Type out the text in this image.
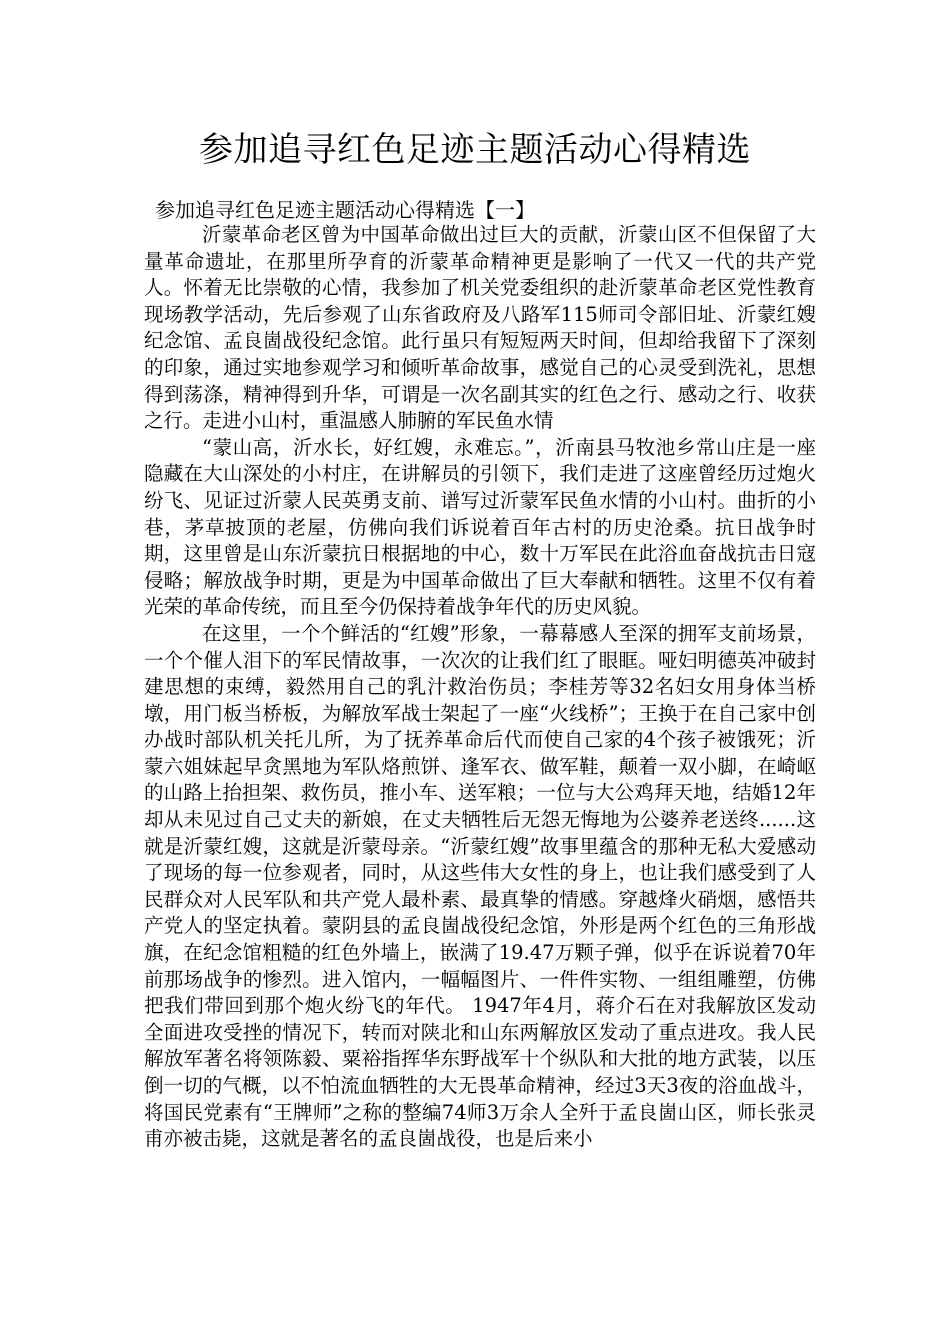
参加追寻红色足迹主题活动心得精选
参加追寻红色足迹主题活动心得精选【一】

沂蒙革命老区曾为中国革命做出过巨大的贡献，沂蒙山区不但保留了大量革命遗址，在那里所孕育的沂蒙革命精神更是影响了一代又一代的共产党人。怀着无比崇敬的心情，我参加了机关党委组织的赴沂蒙革命老区党性教育现场教学活动，先后参观了山东省政府及八路军115师司令部旧址、沂蒙红嫂纪念馆、孟良崮战役纪念馆。此行虽只有短短两天时间，但却给我留下了深刻的印象，通过实地参观学习和倾听革命故事，感觉自己的心灵受到洗礼，思想得到荡涤，精神得到升华，可谓是一次名副其实的红色之行、感动之行、收获之行。走进小山村，重温感人肺腑的军民鱼水情

“蒙山高，沂水长，好红嫂，永难忘。”，沂南县马牧池乡常山庄是一座隐藏在大山深处的小村庄，在讲解员的引领下，我们走进了这座曾经历过炮火纷飞、见证过沂蒙人民英勇支前、谱写过沂蒙军民鱼水情的小山村。曲折的小巷，茅草披顶的老屋，仿佛向我们诉说着百年古村的历史沧桑。抗日战争时期，这里曾是山东沂蒙抗日根据地的中心，数十万军民在此浴血奋战抗击日寇侵略；解放战争时期，更是为中国革命做出了巨大奉献和牺牲。这里不仅有着光荣的革命传统，而且至今仍保持着战争年代的历史风貌。

在这里，一个个鲜活的“红嫂”形象，一幕幕感人至深的拥军支前场景，一个个催人泪下的军民情故事，一次次的让我们红了眼眶。哑妇明德英冲破封建思想的束缚，毅然用自己的乳汁救治伤员；李桂芳等32名妇女用身体当桥墩，用门板当桥板，为解放军战士架起了一座“火线桥”；王换于在自己家中创办战时部队机关托儿所，为了抚养革命后代而使自己家的4个孩子被饿死；沂蒙六姐妹起早贪黑地为军队烙煎饼、逢军衣、做军鞋，颠着一双小脚，在崎岖的山路上抬担架、救伤员，推小车、送军粮；一位与大公鸡拜天地，结婚12年却从未见过自己丈夫的新娘，在丈夫牺牲后无怨无悔地为公婆养老送终......这就是沂蒙红嫂，这就是沂蒙母亲。“沂蒙红嫂”故事里蕴含的那种无私大爱感动了现场的每一位参观者，同时，从这些伟大女性的身上，也让我们感受到了人民群众对人民军队和共产党人最朴素、最真挚的情感。穿越烽火硝烟，感悟共产党人的坚定执着。蒙阴县的孟良崮战役纪念馆，外形是两个红色的三角形战旗，在纪念馆粗糙的红色外墙上，嵌满了19.47万颗子弹，似乎在诉说着70年前那场战争的惨烈。进入馆内，一幅幅图片、一件件实物、一组组雕塑，仿佛把我们带回到那个炮火纷飞的年代。 1947年4月，蒋介石在对我解放区发动全面进攻受挫的情况下，转而对陕北和山东两解放区发动了重点进攻。我人民解放军著名将领陈毅、粟裕指挥华东野战军十个纵队和大批的地方武装，以压倒一切的气概，以不怕流血牺牲的大无畏革命精神，经过3天3夜的浴血战斗，将国民党素有“王牌师”之称的整编74师3万余人全歼于孟良崮山区，师长张灵甫亦被击毙，这就是著名的孟良崮战役，也是后来小
